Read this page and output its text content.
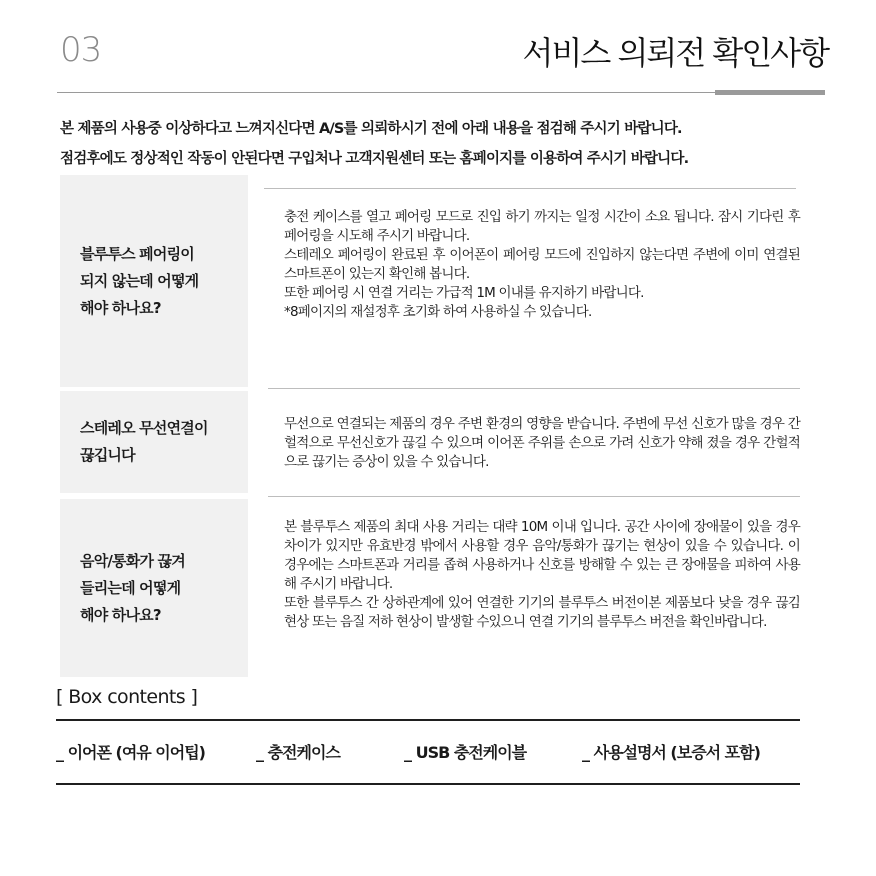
03	서비스 의뢰전 확인사항
본 제품의 사용중 이상하다고 느껴지신다면 A/S를 의뢰하시기 전에 아래 내용을 점검해 주시기 바랍니다.
점검후에도 정상적인 작동이 안된다면 구입처나 고객지원센터 또는 홈페이지를 이용하여 주시기 바랍니다.
블루투스 페어링이
되지 않는데 어떻게
해야 하나요?
충전 케이스를 열고 페어링 모드로 진입 하기 까지는 일정 시간이 소요 됩니다. 잠시 기다린 후 페어링을 시도해 주시기 바랍니다.
스테레오 페어링이 완료된 후 이어폰이 페어링 모드에 진입하지 않는다면 주변에 이미 연결된 스마트폰이 있는지 확인해 봅니다.
또한 페어링 시 연결 거리는 가급적 1M 이내를 유지하기 바랍니다.
*8페이지의 재설정후 초기화 하여 사용하실 수 있습니다.
스테레오 무선연결이
끊깁니다
무선으로 연결되는 제품의 경우 주변 환경의 영향을 받습니다. 주변에 무선 신호가 많을 경우 간헐적으로 무선신호가 끊길 수 있으며 이어폰 주위를 손으로 가려 신호가 약해 졌을 경우 간헐적으로 끊기는 증상이 있을 수 있습니다.
음악/통화가 끊겨
들리는데 어떻게
해야 하나요?
본 블루투스 제품의 최대 사용 거리는 대략 10M 이내 입니다. 공간 사이에 장애물이 있을 경우 차이가 있지만 유효반경 밖에서 사용할 경우 음악/통화가 끊기는 현상이 있을 수 있습니다. 이 경우에는 스마트폰과 거리를 좁혀 사용하거나 신호를 방해할 수 있는 큰 장애물을 피하여 사용해 주시기 바랍니다.
또한 블루투스 간 상하관계에 있어 연결한 기기의 블루투스 버전이본 제품보다 낮을 경우 끊김 현상 또는 음질 저하 현상이 발생할 수있으니 연결 기기의 블루투스 버전을 확인바랍니다.
[ Box contents ]
_ 이어폰 (여유 이어팁)	_ 충전케이스	_ USB 충전케이블	_ 사용설명서 (보증서 포함)
